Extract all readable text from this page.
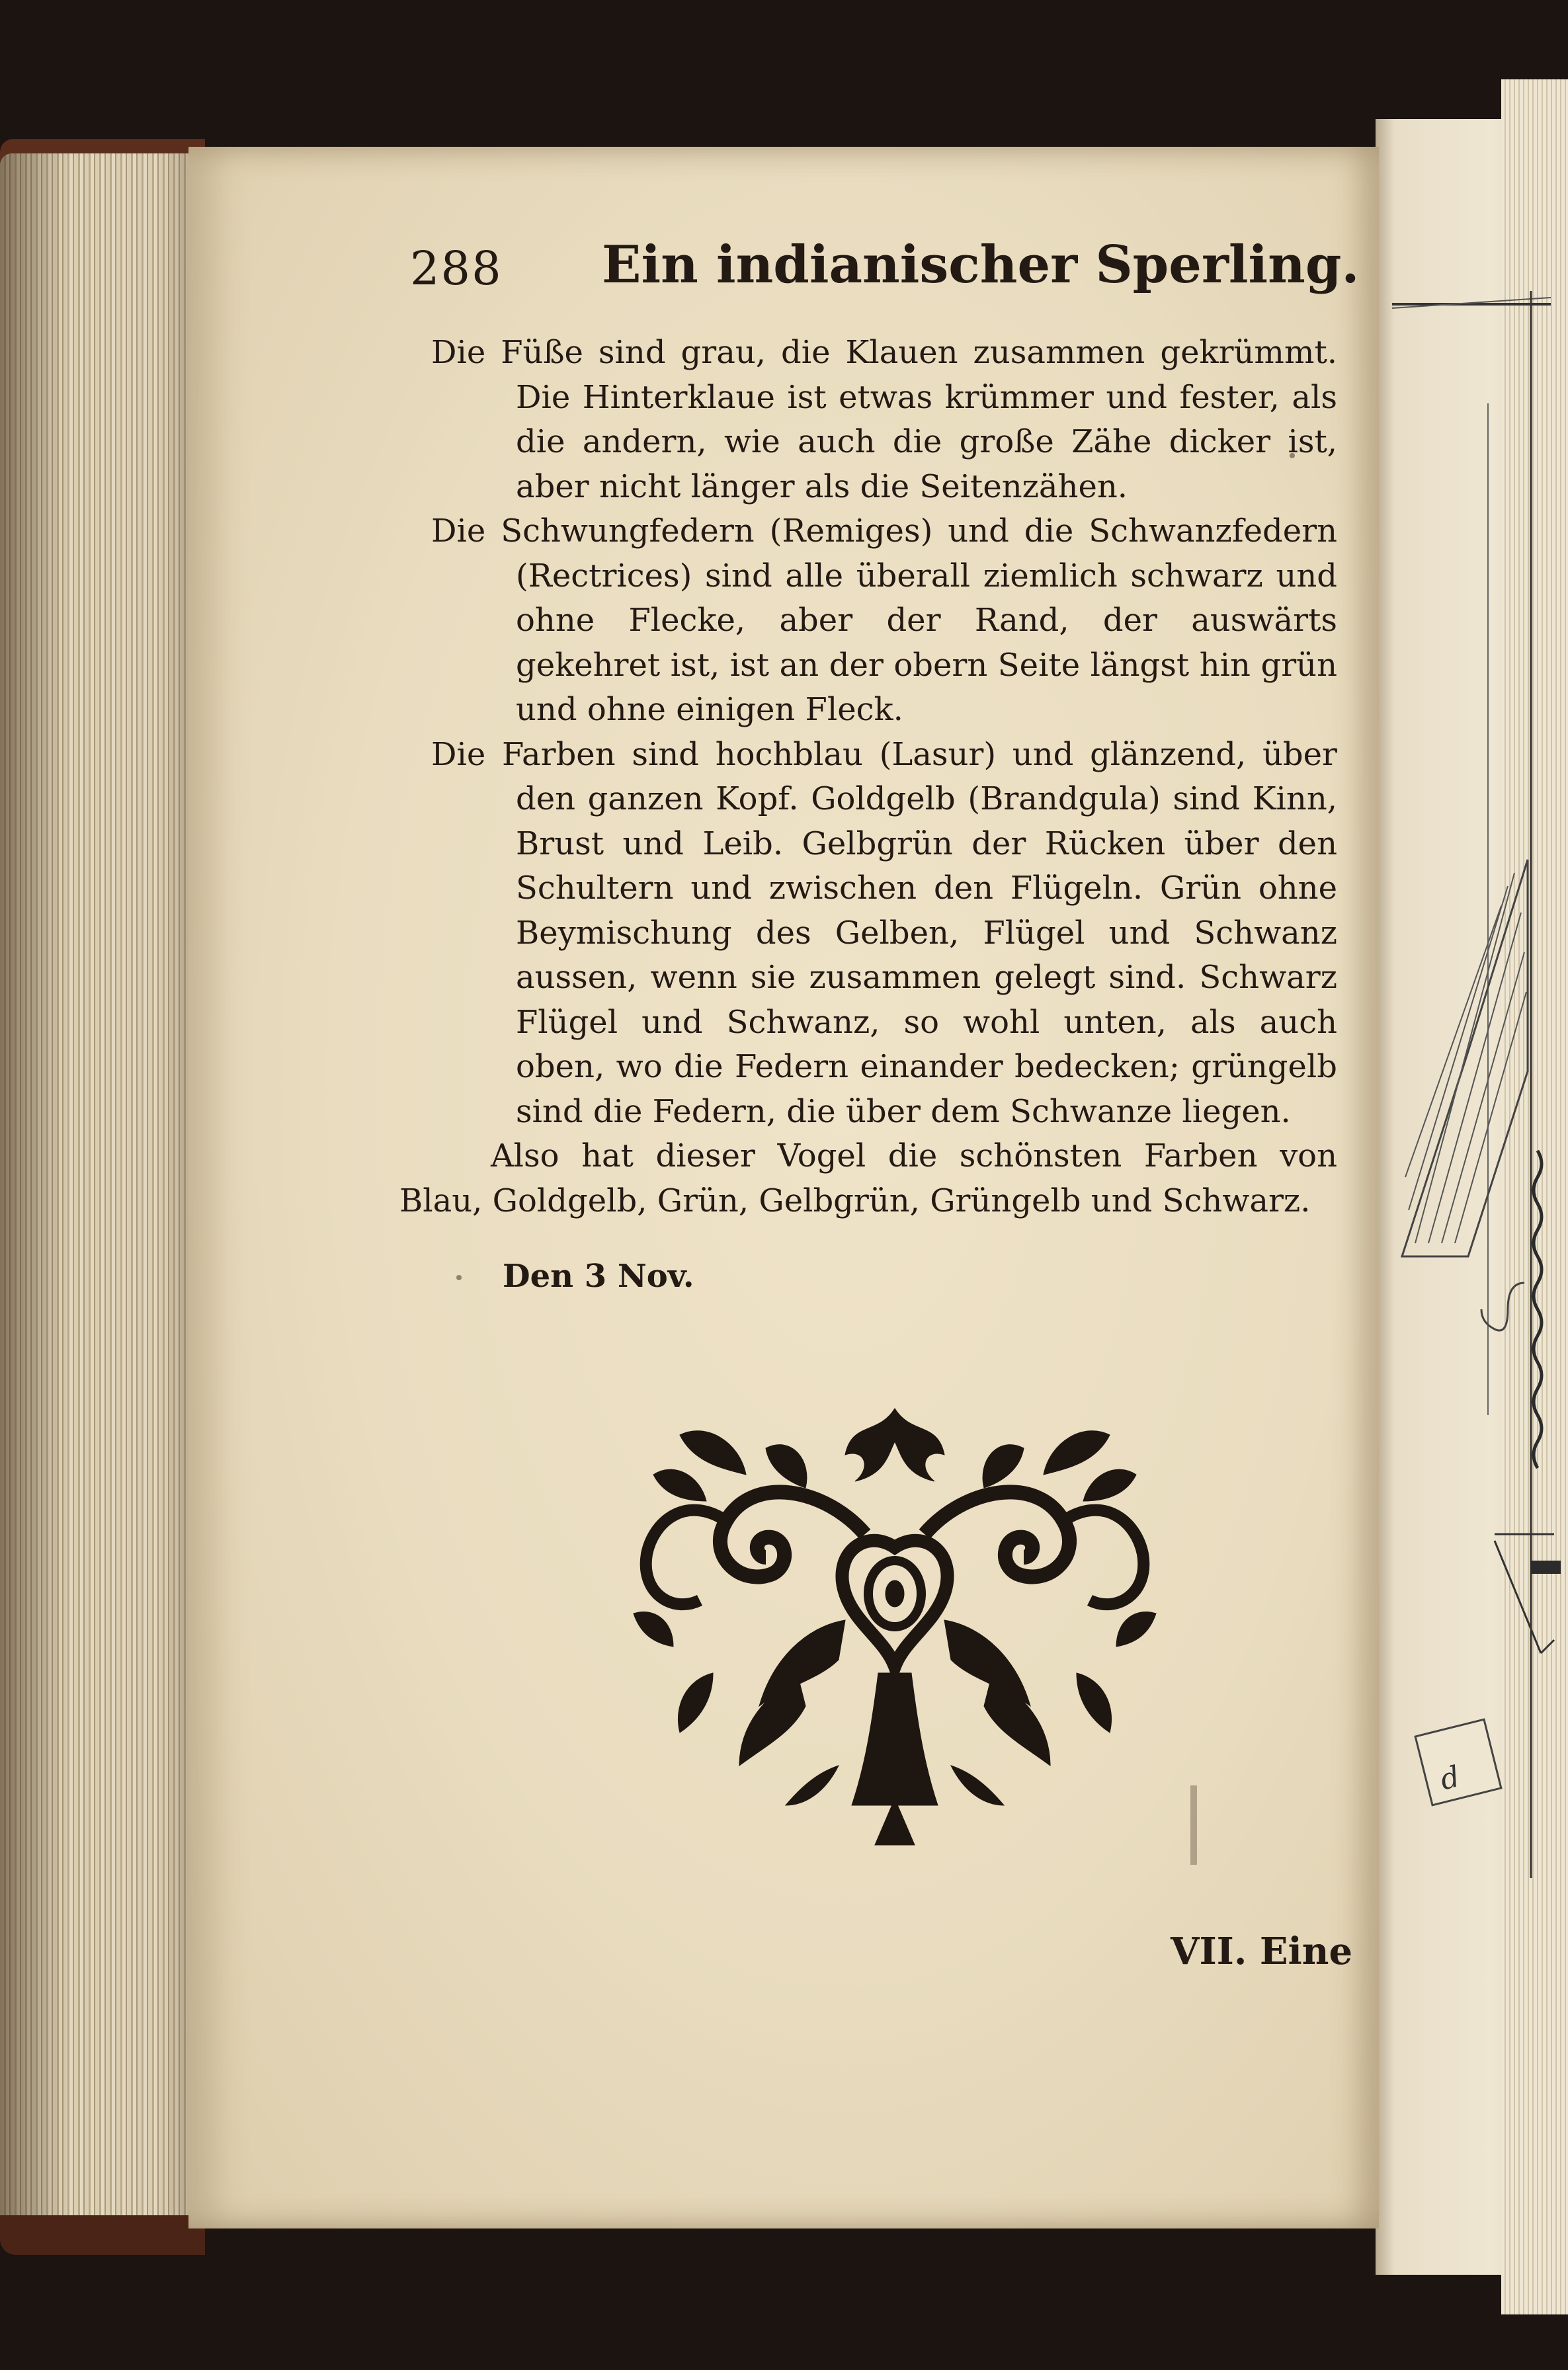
d
288 Ein indianischer Sperling.

Die Füße sind grau, die Klauen zusammen gekrümmt. Die Hinterklaue ist etwas krümmer und fester, als die andern, wie auch die große Zähe dicker ist, aber nicht länger als die Seitenzähen.

Die Schwungfedern (Remiges) und die Schwanzfedern (Rectrices) sind alle überall ziemlich schwarz und ohne Flecke, aber der Rand, der auswärts gekehret ist, ist an der obern Seite längst hin grün und ohne einigen Fleck.

Die Farben sind hochblau (Lasur) und glänzend, über den ganzen Kopf. Goldgelb (Brandgula) sind Kinn, Brust und Leib. Gelbgrün der Rücken über den Schultern und zwischen den Flügeln. Grün ohne Beymischung des Gelben, Flügel und Schwanz aussen, wenn sie zusammen gelegt sind. Schwarz Flügel und Schwanz, so wohl unten, als auch oben, wo die Federn einander bedecken; grüngelb sind die Federn, die über dem Schwanze liegen.

Also hat dieser Vogel die schönsten Farben von Blau, Goldgelb, Grün, Gelbgrün, Grüngelb und Schwarz.

Den 3 Nov.
VII. Eine
